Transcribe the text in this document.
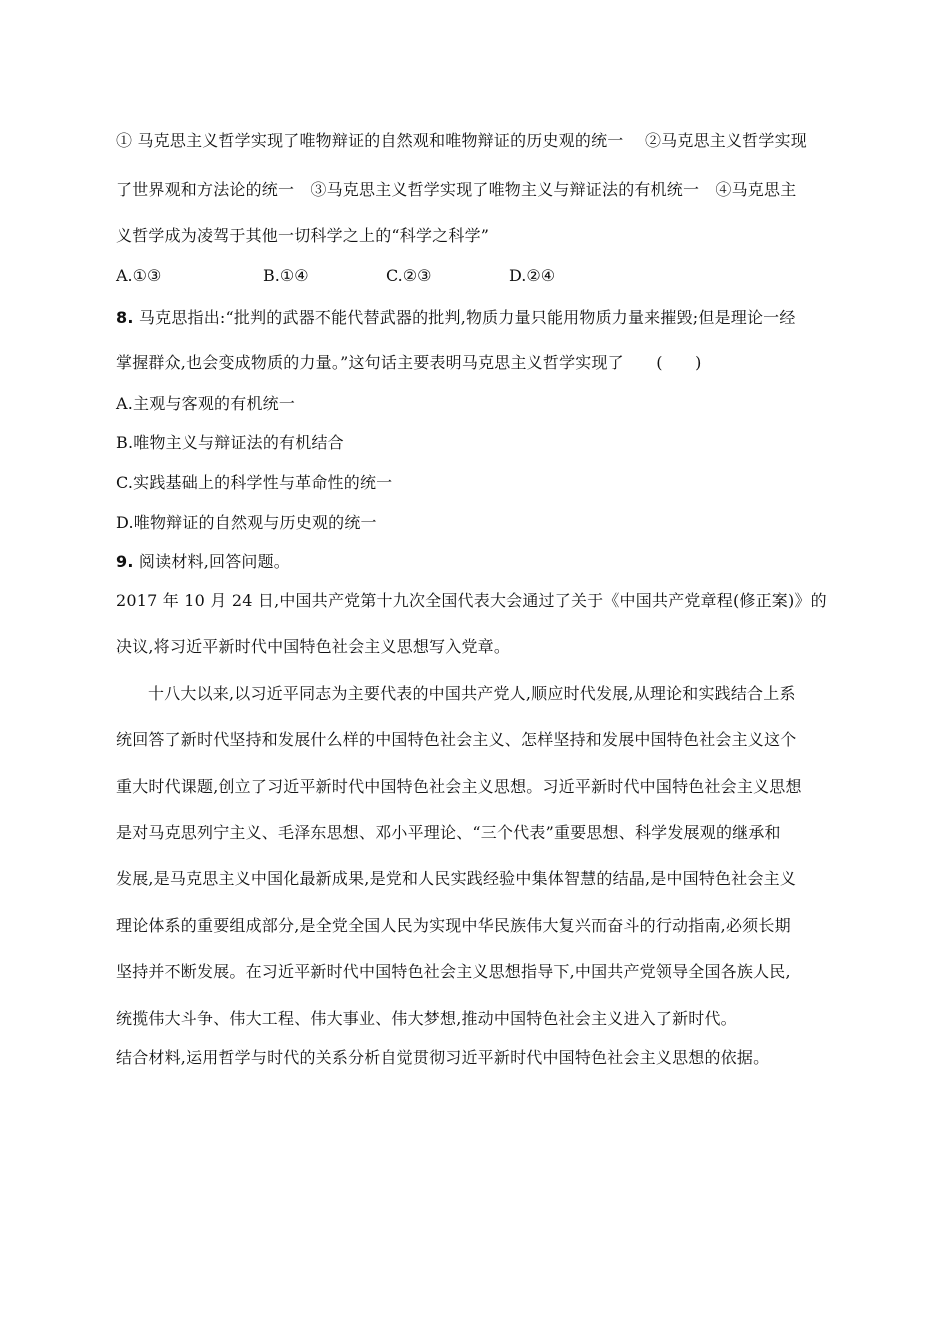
① 马克思主义哲学实现了唯物辩证的自然观和唯物辩证的历史观的统一　 ②马克思主义哲学实现
了世界观和方法论的统一　③马克思主义哲学实现了唯物主义与辩证法的有机统一　④马克思主
义哲学成为凌驾于其他一切科学之上的“科学之科学”
A.①③	B.①④	C.②③	D.②④
8. 马克思指出:“批判的武器不能代替武器的批判,物质力量只能用物质力量来摧毁;但是理论一经
掌握群众,也会变成物质的力量。”这句话主要表明马克思主义哲学实现了　　(　　)
A.主观与客观的有机统一
B.唯物主义与辩证法的有机结合
C.实践基础上的科学性与革命性的统一
D.唯物辩证的自然观与历史观的统一
9. 阅读材料,回答问题。
2017 年 10 月 24 日,中国共产党第十九次全国代表大会通过了关于《中国共产党章程(修正案)》的
决议,将习近平新时代中国特色社会主义思想写入党章。
十八大以来,以习近平同志为主要代表的中国共产党人,顺应时代发展,从理论和实践结合上系
统回答了新时代坚持和发展什么样的中国特色社会主义、怎样坚持和发展中国特色社会主义这个
重大时代课题,创立了习近平新时代中国特色社会主义思想。习近平新时代中国特色社会主义思想
是对马克思列宁主义、毛泽东思想、邓小平理论、“三个代表”重要思想、科学发展观的继承和
发展,是马克思主义中国化最新成果,是党和人民实践经验中集体智慧的结晶,是中国特色社会主义
理论体系的重要组成部分,是全党全国人民为实现中华民族伟大复兴而奋斗的行动指南,必须长期
坚持并不断发展。在习近平新时代中国特色社会主义思想指导下,中国共产党领导全国各族人民,
统揽伟大斗争、伟大工程、伟大事业、伟大梦想,推动中国特色社会主义进入了新时代。
结合材料,运用哲学与时代的关系分析自觉贯彻习近平新时代中国特色社会主义思想的依据。
